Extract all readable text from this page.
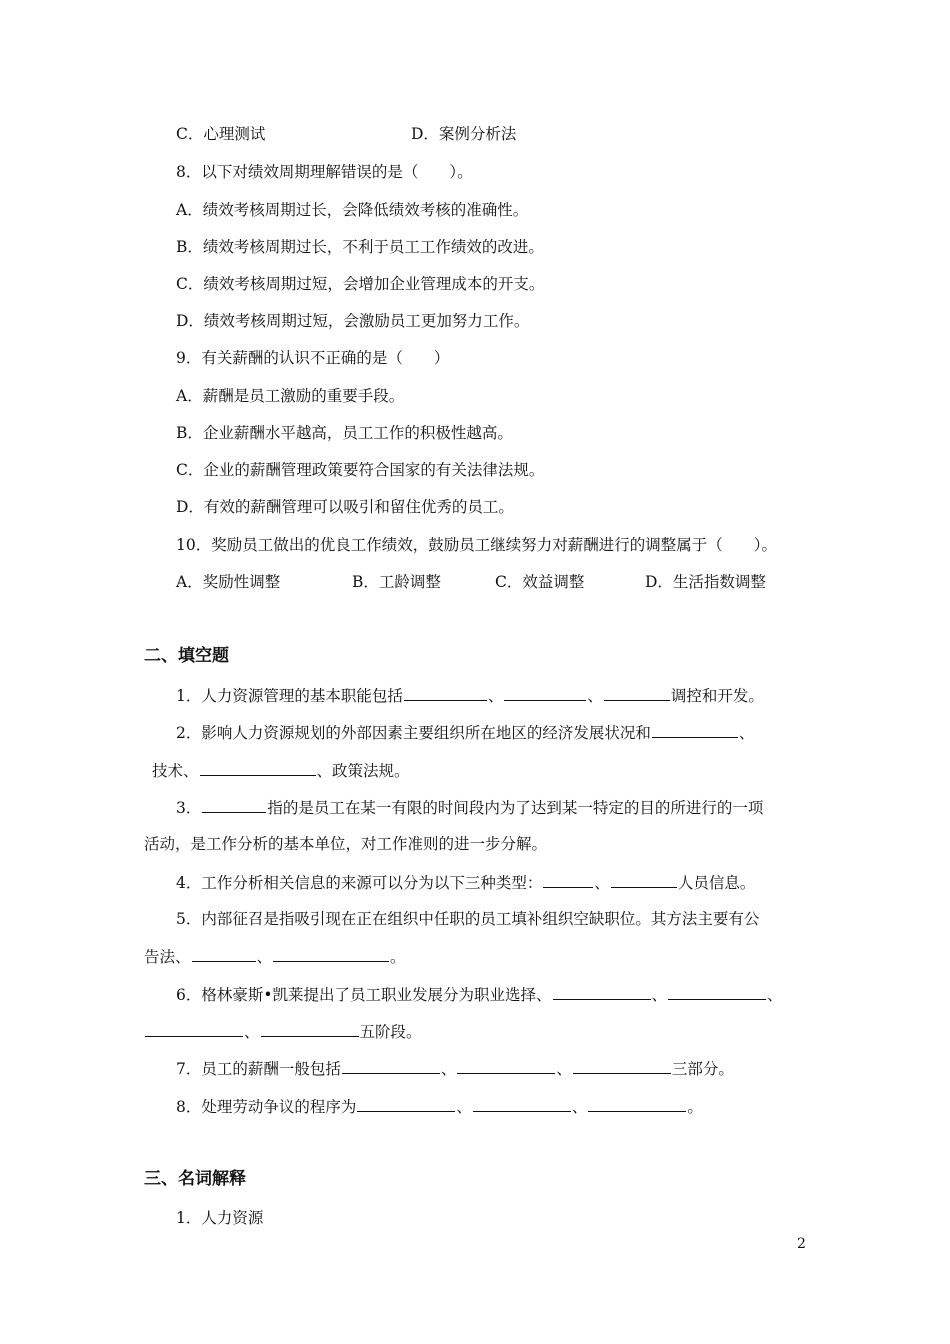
C．心理测试	D．案例分析法
8．以下对绩效周期理解错误的是（　　）。
A．绩效考核周期过长，会降低绩效考核的准确性。
B．绩效考核周期过长，不利于员工工作绩效的改进。
C．绩效考核周期过短，会增加企业管理成本的开支。
D．绩效考核周期过短，会激励员工更加努力工作。
9．有关薪酬的认识不正确的是（　　）
A．薪酬是员工激励的重要手段。
B．企业薪酬水平越高，员工工作的积极性越高。
C．企业的薪酬管理政策要符合国家的有关法律法规。
D．有效的薪酬管理可以吸引和留住优秀的员工。
10．奖励员工做出的优良工作绩效，鼓励员工继续努力对薪酬进行的调整属于（　　）。
A．奖励性调整	B．工龄调整	C．效益调整	D．生活指数调整
二、填空题
1．人力资源管理的基本职能包括	、	、	调控和开发。
2．影响人力资源规划的外部因素主要组织所在地区的经济发展状况和	、
技术、	、政策法规。
3．	指的是员工在某一有限的时间段内为了达到某一特定的目的所进行的一项
活动，是工作分析的基本单位，对工作准则的进一步分解。
4．工作分析相关信息的来源可以分为以下三种类型：	、	人员信息。
5．内部征召是指吸引现在正在组织中任职的员工填补组织空缺职位。其方法主要有公
告法、	、	。
6．格林豪斯•凯莱提出了员工职业发展分为职业选择、	、	、
、	五阶段。
7．员工的薪酬一般包括	、	、	三部分。
8．处理劳动争议的程序为	、	、	。
三、名词解释
1．人力资源
2
